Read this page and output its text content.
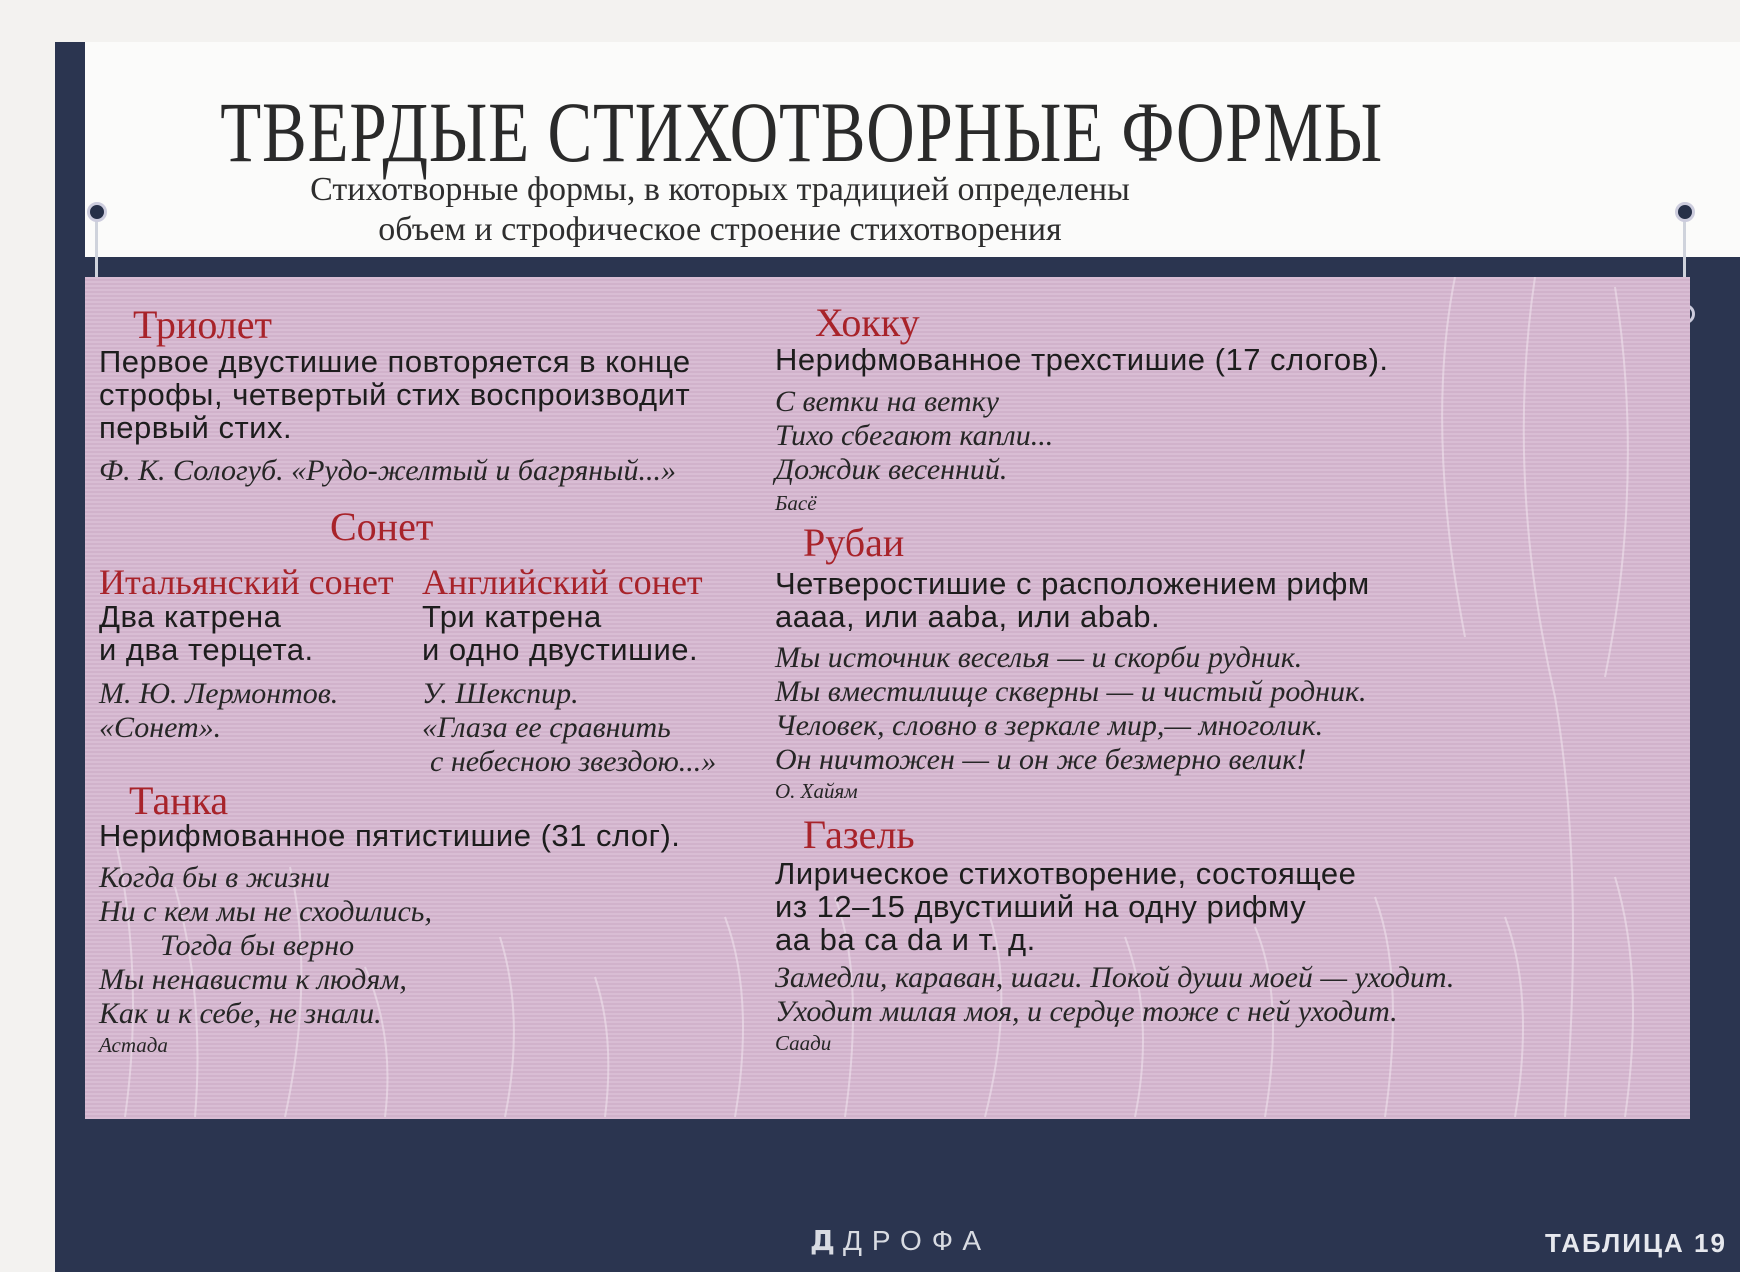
ТВЕРДЫЕ СТИХОТВОРНЫЕ ФОРМЫ
Стихотворные формы, в которых традицией определены
объем и строфическое строение стихотворения
Триолет
Первое двустишие повторяется в конце
строфы, четвертый стих воспроизводит
первый стих.
Ф. К. Сологуб. «Рудо-желтый и багряный...»
Сонет
Итальянский сонет
Два катрена
и два терцета.
М. Ю. Лермонтов.
«Сонет».
Английский сонет
Три катрена
и одно двустишие.
У. Шекспир.
«Глаза ее сравнить
с небесною звездою...»
Танка
Нерифмованное пятистишие (31 слог).
Когда бы в жизни
Ни с кем мы не сходились,
Тогда бы верно
Мы ненависти к людям,
Как и к себе, не знали.
Астада
Хокку
Нерифмованное трехстишие (17 слогов).
С ветки на ветку
Тихо сбегают капли...
Дождик весенний.
Басё
Рубаи
Четверостишие с расположением рифм
аааа, или aaba, или abab.
Мы источник веселья — и скорби рудник.
Мы вместилище скверны — и чистый родник.
Человек, словно в зеркале мир,— многолик.
Он ничтожен — и он же безмерно велик!
О. Хайям
Газель
Лирическое стихотворение, состоящее
из 12–15 двустиший на одну рифму
aa ba ca da и т. д.
Замедли, караван, шаги. Покой души моей — уходит.
Уходит милая моя, и сердце тоже с ней уходит.
Саади
Д ДРОФА	ТАБЛИЦА 19
